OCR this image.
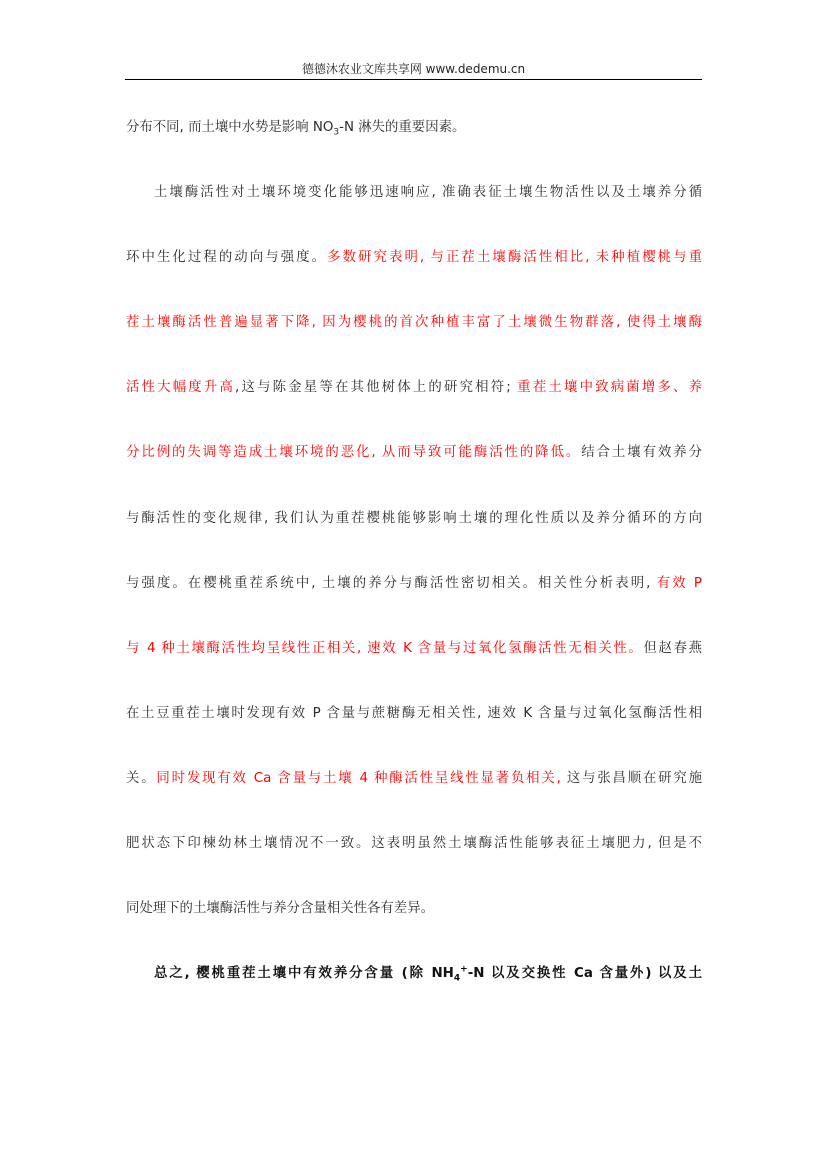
德德沐农业文库共享网 www.dedemu.cn
分布不同, 而土壤中水势是影响 $NO_3-N$ 淋失的重要因素。
土壤酶活性对土壤环境变化能够迅速响应, 准确表征土壤生物活性以及土壤养分循
环中生化过程的动向与强度。多数研究表明, 与正茬土壤酶活性相比, 未种植樱桃与重
茬土壤酶活性普遍显著下降, 因为樱桃的首次种植丰富了土壤微生物群落, 使得土壤酶
活性大幅度升高,这与陈金星等在其他树体上的研究相符; 重茬土壤中致病菌增多、养
分比例的失调等造成土壤环境的恶化, 从而导致可能酶活性的降低。结合土壤有效养分
与酶活性的变化规律, 我们认为重茬樱桃能够影响土壤的理化性质以及养分循环的方向
与强度。在樱桃重茬系统中, 土壤的养分与酶活性密切相关。相关性分析表明, 有效 P
与 4 种土壤酶活性均呈线性正相关, 速效 K 含量与过氧化氢酶活性无相关性。但赵春燕
在土豆重茬土壤时发现有效 P 含量与蔗糖酶无相关性, 速效 K 含量与过氧化氢酶活性相
关。同时发现有效 Ca 含量与土壤 4 种酶活性呈线性显著负相关, 这与张昌顺在研究施
肥状态下印楝幼林土壤情况不一致。这表明虽然土壤酶活性能够表征土壤肥力, 但是不
同处理下的土壤酶活性与养分含量相关性各有差异。
总之, 樱桃重茬土壤中有效养分含量 (除 $NH_4^+-N$ 以及交换性 Ca 含量外) 以及土
